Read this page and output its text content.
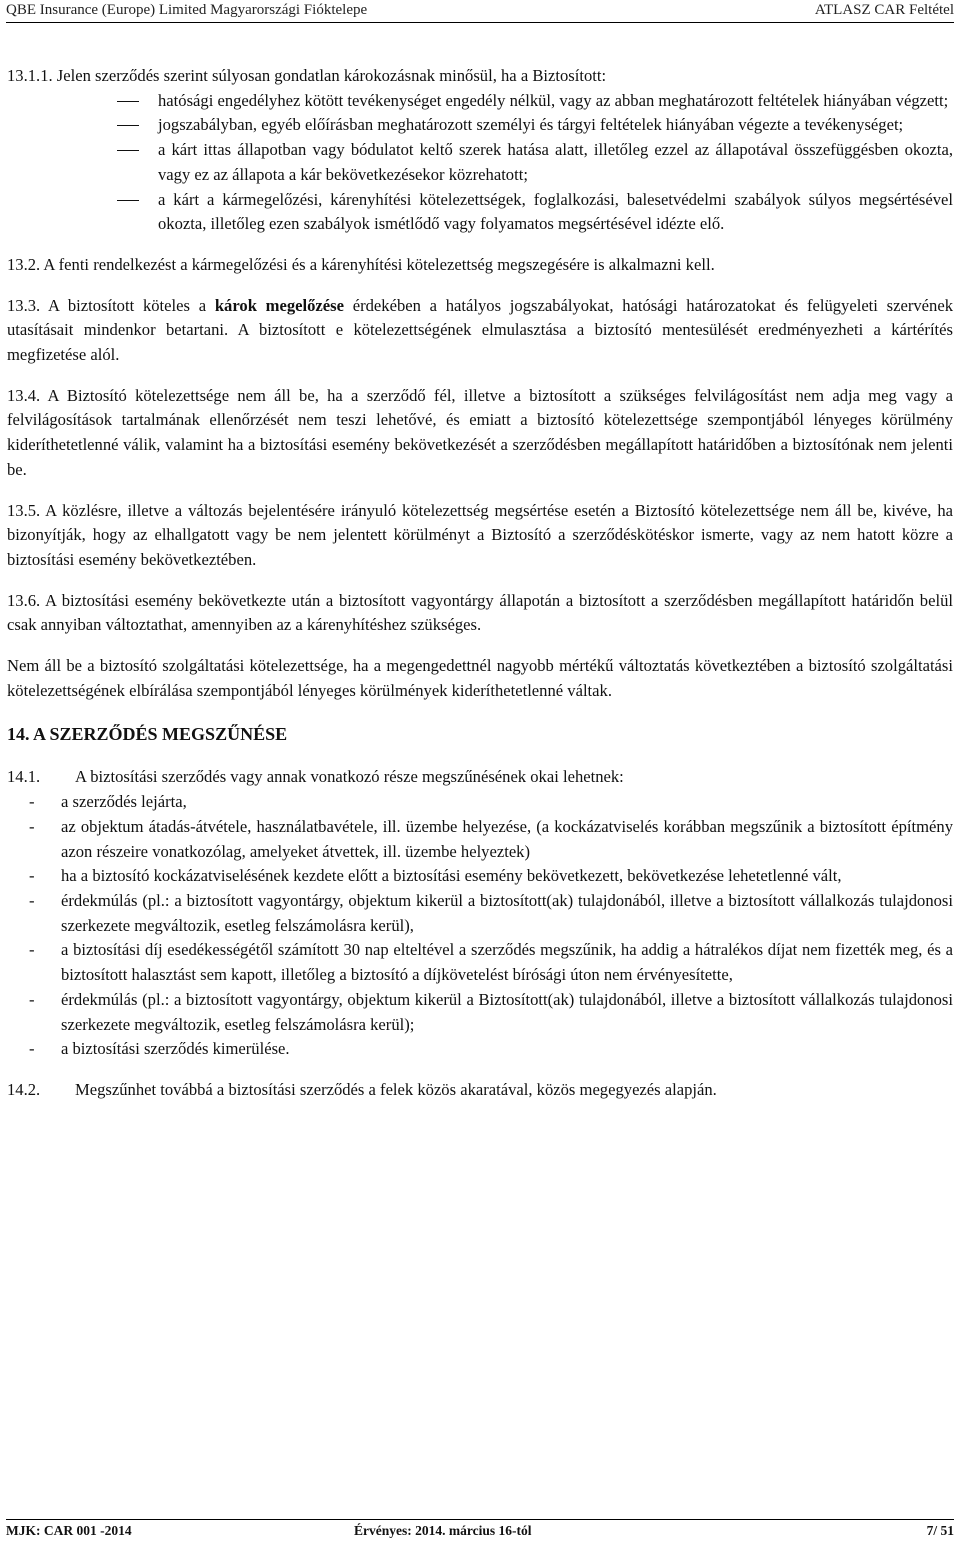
QBE Insurance (Europe) Limited Magyarországi Fióktelepe	ATLASZ CAR Feltétel

13.1.1. Jelen szerződés szerint súlyosan gondatlan károkozásnak minősül, ha a Biztosított:

hatósági engedélyhez kötött tevékenységet engedély nélkül, vagy az abban meghatározott feltételek hiányában végzett;
jogszabályban, egyéb előírásban meghatározott személyi és tárgyi feltételek hiányában végezte a tevékenységet;
a kárt ittas állapotban vagy bódulatot keltő szerek hatása alatt, illetőleg ezzel az állapotával összefüggésben okozta, vagy ez az állapota a kár bekövetkezésekor közrehatott;
a kárt a kármegelőzési, kárenyhítési kötelezettségek, foglalkozási, balesetvédelmi szabályok súlyos megsértésével okozta, illetőleg ezen szabályok ismétlődő vagy folyamatos megsértésével idézte elő.

13.2. A fenti rendelkezést a kármegelőzési és a kárenyhítési kötelezettség megszegésére is alkalmazni kell.

13.3. A biztosított köteles a károk megelőzése érdekében a hatályos jogszabályokat, hatósági határozatokat és felügyeleti szervének utasításait mindenkor betartani. A biztosított e kötelezettségének elmulasztása a biztosító mentesülését eredményezheti a kártérítés megfizetése alól.

13.4. A Biztosító kötelezettsége nem áll be, ha a szerződő fél, illetve a biztosított a szükséges felvilágosítást nem adja meg vagy a felvilágosítások tartalmának ellenőrzését nem teszi lehetővé, és emiatt a biztosító kötelezettsége szempontjából lényeges körülmény kideríthetetlenné válik, valamint ha a biztosítási esemény bekövetkezését a szerződésben megállapított határidőben a biztosítónak nem jelenti be.

13.5. A közlésre, illetve a változás bejelentésére irányuló kötelezettség megsértése esetén a Biztosító kötelezettsége nem áll be, kivéve, ha bizonyítják, hogy az elhallgatott vagy be nem jelentett körülményt a Biztosító a szerződéskötéskor ismerte, vagy az nem hatott közre a biztosítási esemény bekövetkeztében.

13.6. A biztosítási esemény bekövetkezte után a biztosított vagyontárgy állapotán a biztosított a szerződésben megállapított határidőn belül csak annyiban változtathat, amennyiben az a kárenyhítéshez szükséges.

Nem áll be a biztosító szolgáltatási kötelezettsége, ha a megengedettnél nagyobb mértékű változtatás következtében a biztosító szolgáltatási kötelezettségének elbírálása szempontjából lényeges körülmények kideríthetetlenné váltak.

14. A SZERZŐDÉS MEGSZŰNÉSE

14.1. A biztosítási szerződés vagy annak vonatkozó része megszűnésének okai lehetnek:

- a szerződés lejárta,
- az objektum átadás-átvétele, használatbavétele, ill. üzembe helyezése, (a kockázatviselés korábban megszűnik a biztosított építmény azon részeire vonatkozólag, amelyeket átvettek, ill. üzembe helyeztek)
- ha a biztosító kockázatviselésének kezdete előtt a biztosítási esemény bekövetkezett, bekövetkezése lehetetlenné vált,
- érdekmúlás (pl.: a biztosított vagyontárgy, objektum kikerül a biztosított(ak) tulajdonából, illetve a biztosított vállalkozás tulajdonosi szerkezete megváltozik, esetleg felszámolásra kerül),
- a biztosítási díj esedékességétől számított 30 nap elteltével a szerződés megszűnik, ha addig a hátralékos díjat nem fizették meg, és a biztosított halasztást sem kapott, illetőleg a biztosító a díjkövetelést bírósági úton nem érvényesítette,
- érdekmúlás (pl.: a biztosított vagyontárgy, objektum kikerül a Biztosított(ak) tulajdonából, illetve a biztosított vállalkozás tulajdonosi szerkezete megváltozik, esetleg felszámolásra kerül);
- a biztosítási szerződés kimerülése.

14.2. Megszűnhet továbbá a biztosítási szerződés a felek közös akaratával, közös megegyezés alapján.

MJK: CAR 001 -2014	Érvényes: 2014. március 16-tól	7/ 51
